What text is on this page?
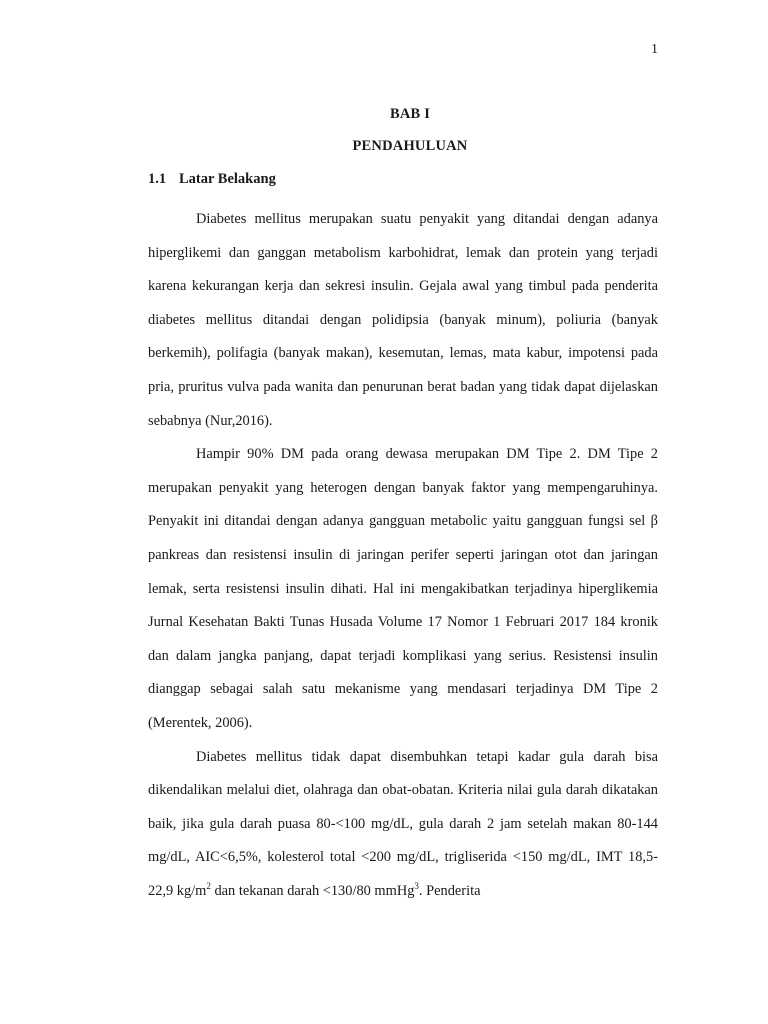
1
BAB I
PENDAHULUAN
1.1 Latar Belakang

Diabetes mellitus merupakan suatu penyakit yang ditandai dengan adanya hiperglikemi dan ganggan metabolism karbohidrat, lemak dan protein yang terjadi karena kekurangan kerja dan sekresi insulin. Gejala awal yang timbul pada penderita diabetes mellitus ditandai dengan polidipsia (banyak minum), poliuria (banyak berkemih), polifagia (banyak makan), kesemutan, lemas, mata kabur, impotensi pada pria, pruritus vulva pada wanita dan penurunan berat badan yang tidak dapat dijelaskan sebabnya (Nur,2016).

Hampir 90% DM pada orang dewasa merupakan DM Tipe 2. DM Tipe 2 merupakan penyakit yang heterogen dengan banyak faktor yang mempengaruhinya. Penyakit ini ditandai dengan adanya gangguan metabolic yaitu gangguan fungsi sel β pankreas dan resistensi insulin di jaringan perifer seperti jaringan otot dan jaringan lemak, serta resistensi insulin dihati. Hal ini mengakibatkan terjadinya hiperglikemia Jurnal Kesehatan Bakti Tunas Husada Volume 17 Nomor 1 Februari 2017 184 kronik dan dalam jangka panjang, dapat terjadi komplikasi yang serius. Resistensi insulin dianggap sebagai salah satu mekanisme yang mendasari terjadinya DM Tipe 2 (Merentek, 2006).

Diabetes mellitus tidak dapat disembuhkan tetapi kadar gula darah bisa dikendalikan melalui diet, olahraga dan obat-obatan. Kriteria nilai gula darah dikatakan baik, jika gula darah puasa 80-<100 mg/dL, gula darah 2 jam setelah makan 80-144 mg/dL, AIC<6,5%, kolesterol total <200 mg/dL, trigliserida <150 mg/dL, IMT 18,5-22,9 $kg/m^2$ dan tekanan darah <130/80 mmHg$^3$. Penderita
